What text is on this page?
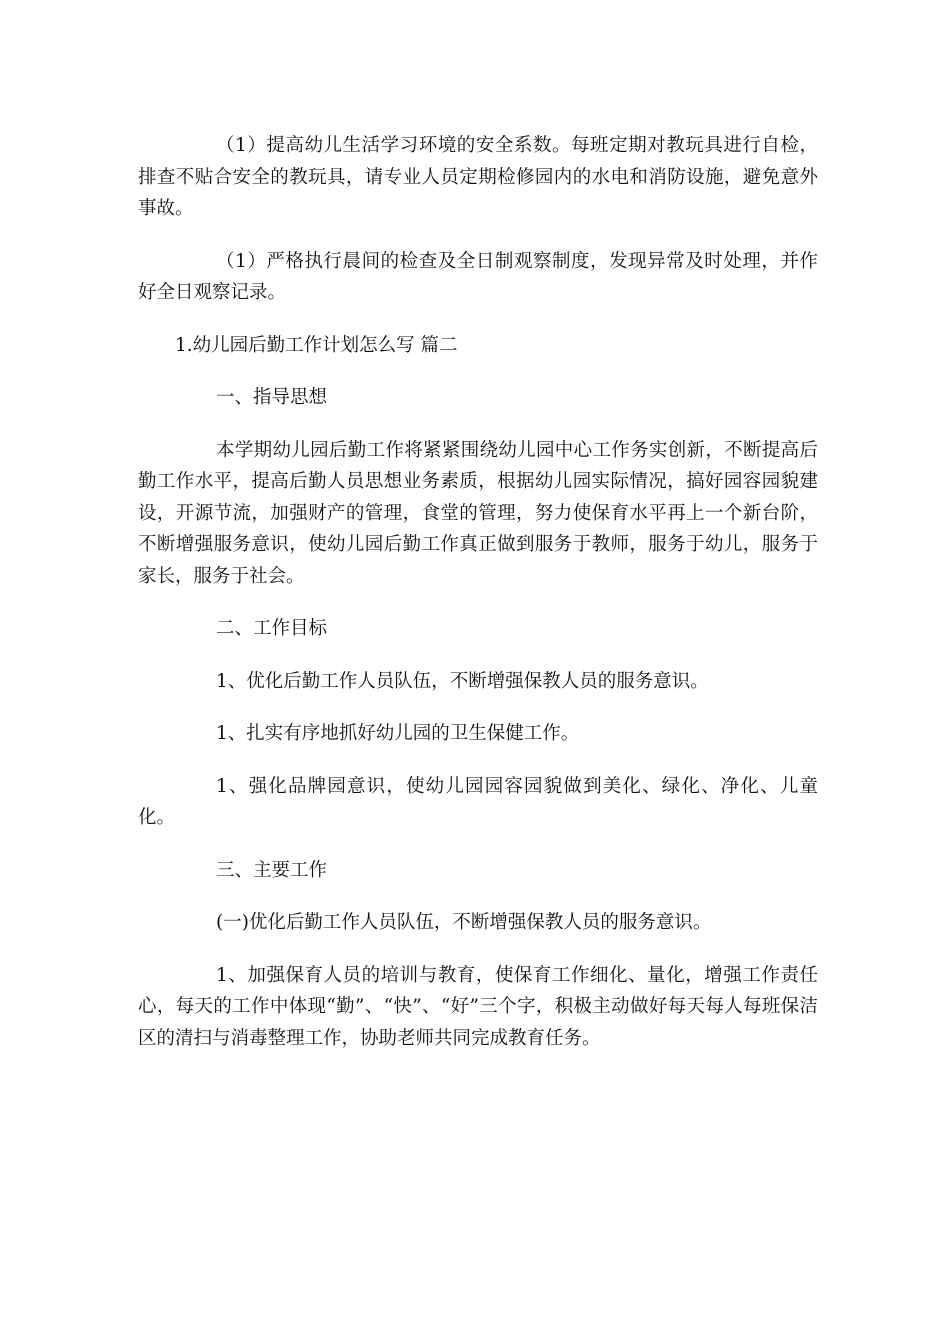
（1）提高幼儿生活学习环境的安全系数。每班定期对教玩具进行自检，排查不贴合安全的教玩具，请专业人员定期检修园内的水电和消防设施，避免意外事故。

（1）严格执行晨间的检查及全日制观察制度，发现异常及时处理，并作好全日观察记录。

1.幼儿园后勤工作计划怎么写 篇二

一、指导思想

本学期幼儿园后勤工作将紧紧围绕幼儿园中心工作务实创新，不断提高后勤工作水平，提高后勤人员思想业务素质，根据幼儿园实际情况，搞好园容园貌建设，开源节流，加强财产的管理，食堂的管理，努力使保育水平再上一个新台阶，不断增强服务意识，使幼儿园后勤工作真正做到服务于教师，服务于幼儿，服务于家长，服务于社会。

二、工作目标

1、优化后勤工作人员队伍，不断增强保教人员的服务意识。

1、扎实有序地抓好幼儿园的卫生保健工作。

1、强化品牌园意识，使幼儿园园容园貌做到美化、绿化、净化、儿童化。

三、主要工作

(一)优化后勤工作人员队伍，不断增强保教人员的服务意识。

1、加强保育人员的培训与教育，使保育工作细化、量化，增强工作责任心，每天的工作中体现“勤”、“快”、“好”三个字，积极主动做好每天每人每班保洁区的清扫与消毒整理工作，协助老师共同完成教育任务。
